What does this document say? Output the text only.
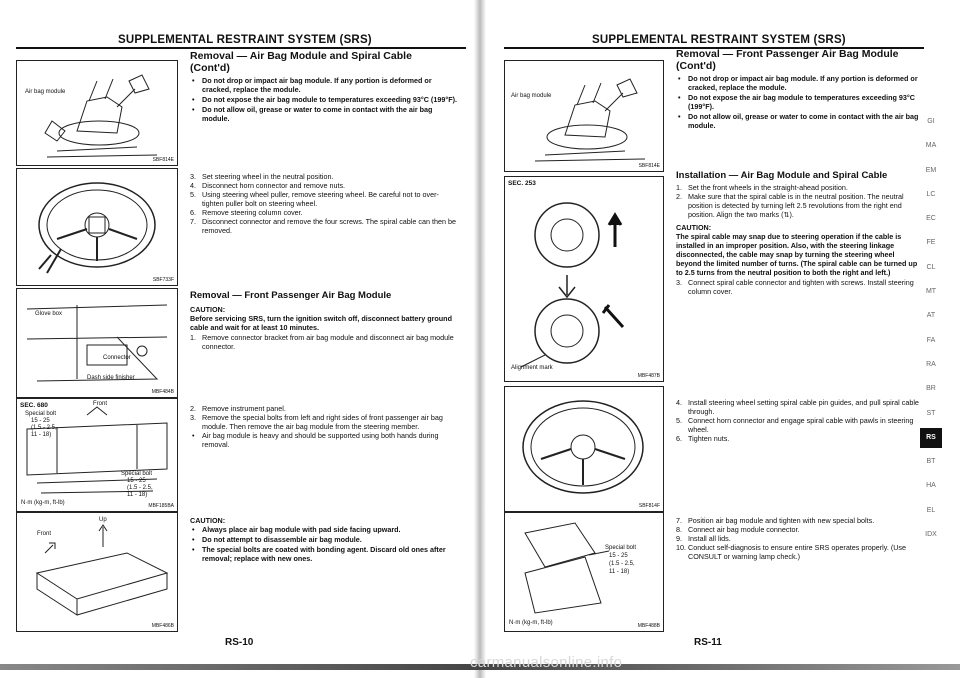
SUPPLEMENTAL RESTRAINT SYSTEM (SRS)
Air bag module
SBF814E
SBF733F
Glove box
Connector
Dash side finisher
MBF484B
SEC. 680	Front
Special bolt
15 - 25
(1.5 - 2.5,
11 - 18)
Special bolt
15 - 25
(1.5 - 2.5,
11 - 18)
N·m (kg-m, ft-lb)	MBF185BA
Up
Front
MBF486B
Removal — Air Bag Module and Spiral Cable
(Cont'd)
• Do not drop or impact air bag module. If any portion is deformed or cracked, replace the module.
• Do not expose the air bag module to temperatures exceeding 93°C (199°F).
• Do not allow oil, grease or water to come in contact with the air bag module.
3. Set steering wheel in the neutral position.
4. Disconnect horn connector and remove nuts.
5. Using steering wheel puller, remove steering wheel. Be careful not to over-tighten puller bolt on steering wheel.
6. Remove steering column cover.
7. Disconnect connector and remove the four screws. The spiral cable can then be removed.
Removal — Front Passenger Air Bag Module
CAUTION:
Before servicing SRS, turn the ignition switch off, disconnect battery ground cable and wait for at least 10 minutes.
1. Remove connector bracket from air bag module and disconnect air bag module connector.
2. Remove instrument panel.
3. Remove the special bolts from left and right sides of front passenger air bag module. Then remove the air bag module from the steering member.
• Air bag module is heavy and should be supported using both hands during removal.
CAUTION:
• Always place air bag module with pad side facing upward.
• Do not attempt to disassemble air bag module.
• The special bolts are coated with bonding agent. Discard old ones after removal; replace with new ones.
RS-10
SUPPLEMENTAL RESTRAINT SYSTEM (SRS)
Air bag module
SBF814E
SEC. 253
Alignment mark
MBF487B
SBF814F
Special bolt
15 - 25
(1.5 - 2.5,
11 - 18)
N·m (kg-m, ft-lb)	MBF488B
Removal — Front Passenger Air Bag Module
(Cont'd)
• Do not drop or impact air bag module. If any portion is deformed or cracked, replace the module.
• Do not expose the air bag module to temperatures exceeding 93°C (199°F).
• Do not allow oil, grease or water to come in contact with the air bag module.
Installation — Air Bag Module and Spiral Cable
1. Set the front wheels in the straight-ahead position.
2. Make sure that the spiral cable is in the neutral position. The neutral position is detected by turning left 2.5 revolutions from the right end position. Align the two marks (⇅).
CAUTION:
The spiral cable may snap due to steering operation if the cable is installed in an improper position. Also, with the steering linkage disconnected, the cable may snap by turning the steering wheel beyond the limited number of turns. (The spiral cable can be turned up to 2.5 turns from the neutral position to both the right and left.)
3. Connect spiral cable connector and tighten with screws. Install steering column cover.
4. Install steering wheel setting spiral cable pin guides, and pull spiral cable through.
5. Connect horn connector and engage spiral cable with pawls in steering wheel.
6. Tighten nuts.
7. Position air bag module and tighten with new special bolts.
8. Connect air bag module connector.
9. Install all lids.
10. Conduct self-diagnosis to ensure entire SRS operates properly. (Use CONSULT or warning lamp check.)
RS-11
GI
MA
EM
LC
EC
FE
CL
MT
AT
FA
RA
BR
ST
RS
BT
HA
EL
IDX
carmanualsonline.info
